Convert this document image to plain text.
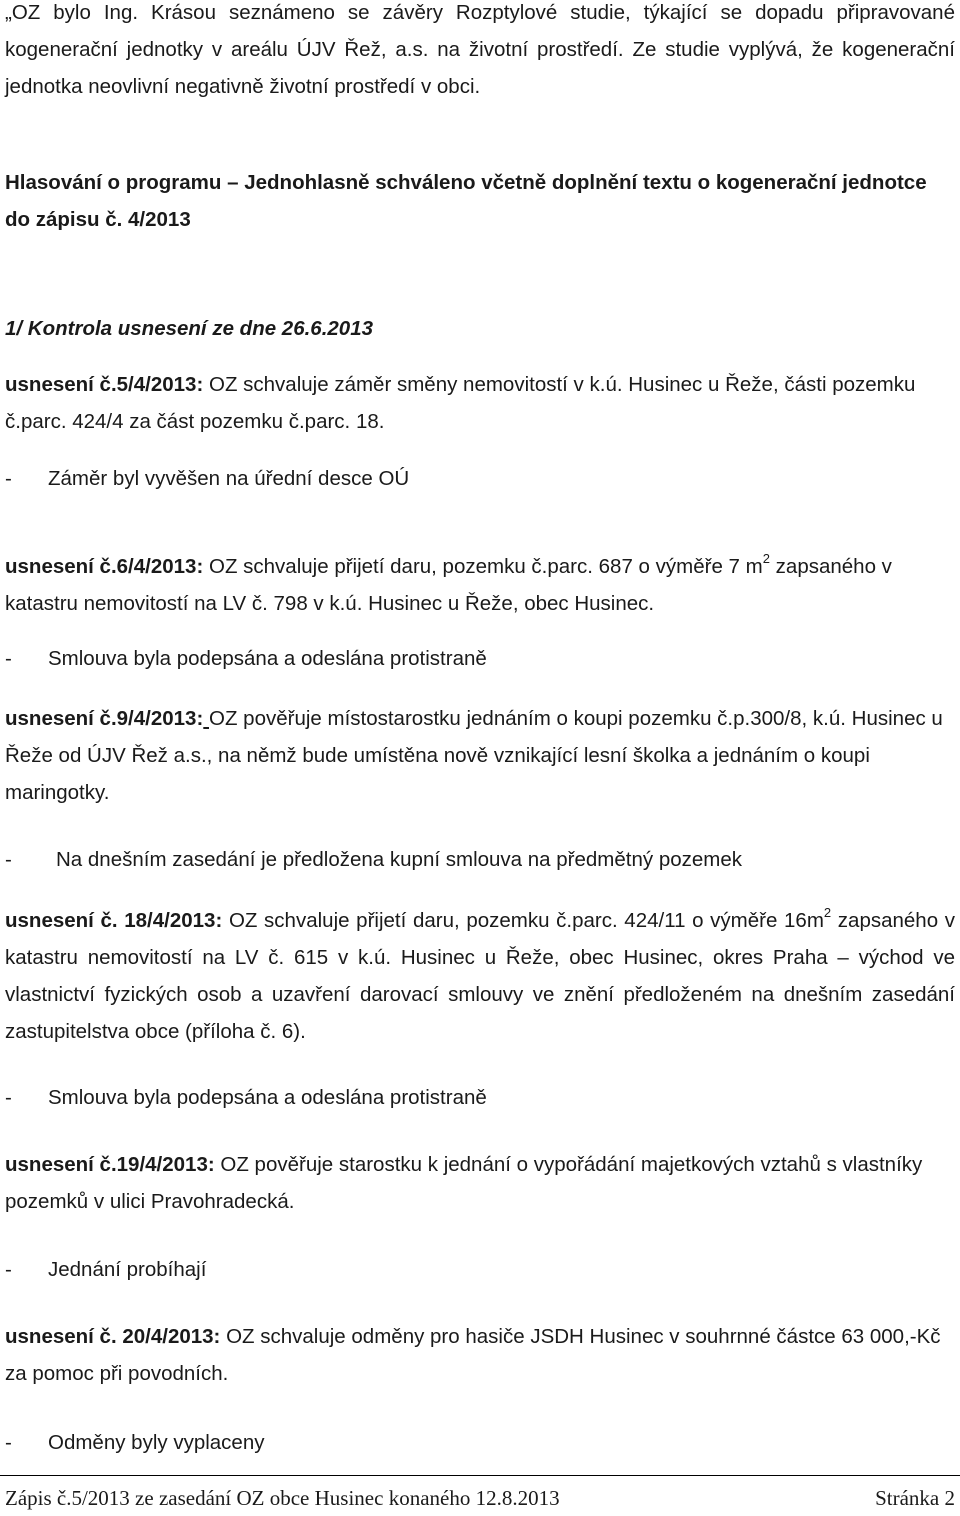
„OZ bylo Ing. Krásou seznámeno se závěry Rozptylové studie, týkající se dopadu připravované kogenerační jednotky v areálu ÚJV Řež, a.s. na životní prostředí. Ze studie vyplývá, že kogenerační jednotka neovlivní negativně životní prostředí v obci.
Hlasování o programu – Jednohlasně schváleno včetně doplnění textu o kogenerační jednotce do zápisu č. 4/2013
1/ Kontrola usnesení ze dne 26.6.2013
usnesení č.5/4/2013: OZ schvaluje záměr směny nemovitostí v k.ú. Husinec u Řeže, části pozemku č.parc. 424/4 za část pozemku č.parc. 18.
- Záměr byl vyvěšen na úřední desce OÚ
usnesení č.6/4/2013: OZ schvaluje přijetí daru, pozemku č.parc. 687 o výměře 7 $m^2$ zapsaného v katastru nemovitostí na LV č. 798 v k.ú. Husinec u Řeže, obec Husinec.
- Smlouva byla podepsána a odeslána protistraně
usnesení č.9/4/2013: OZ pověřuje místostarostku jednáním o koupi pozemku č.p.300/8, k.ú. Husinec u Řeže od ÚJV Řež a.s., na němž bude umístěna nově vznikající lesní školka a jednáním o koupi maringotky.
- Na dnešním zasedání je předložena kupní smlouva na předmětný pozemek
usnesení č. 18/4/2013: OZ schvaluje přijetí daru, pozemku č.parc. 424/11 o výměře $16m^2$ zapsaného v katastru nemovitostí na LV č. 615 v k.ú. Husinec u Řeže, obec Husinec, okres Praha – východ ve vlastnictví fyzických osob a uzavření darovací smlouvy ve znění předloženém na dnešním zasedání zastupitelstva obce (příloha č. 6).
- Smlouva byla podepsána a odeslána protistraně
usnesení č.19/4/2013: OZ pověřuje starostku k jednání o vypořádání majetkových vztahů s vlastníky pozemků v ulici Pravohradecká.
- Jednání probíhají
usnesení č. 20/4/2013: OZ schvaluje odměny pro hasiče JSDH Husinec v souhrnné částce 63 000,-Kč za pomoc při povodních.
- Odměny byly vyplaceny
Zápis č.5/2013 ze zasedání OZ obce Husinec konaného 12.8.2013	Stránka 2
